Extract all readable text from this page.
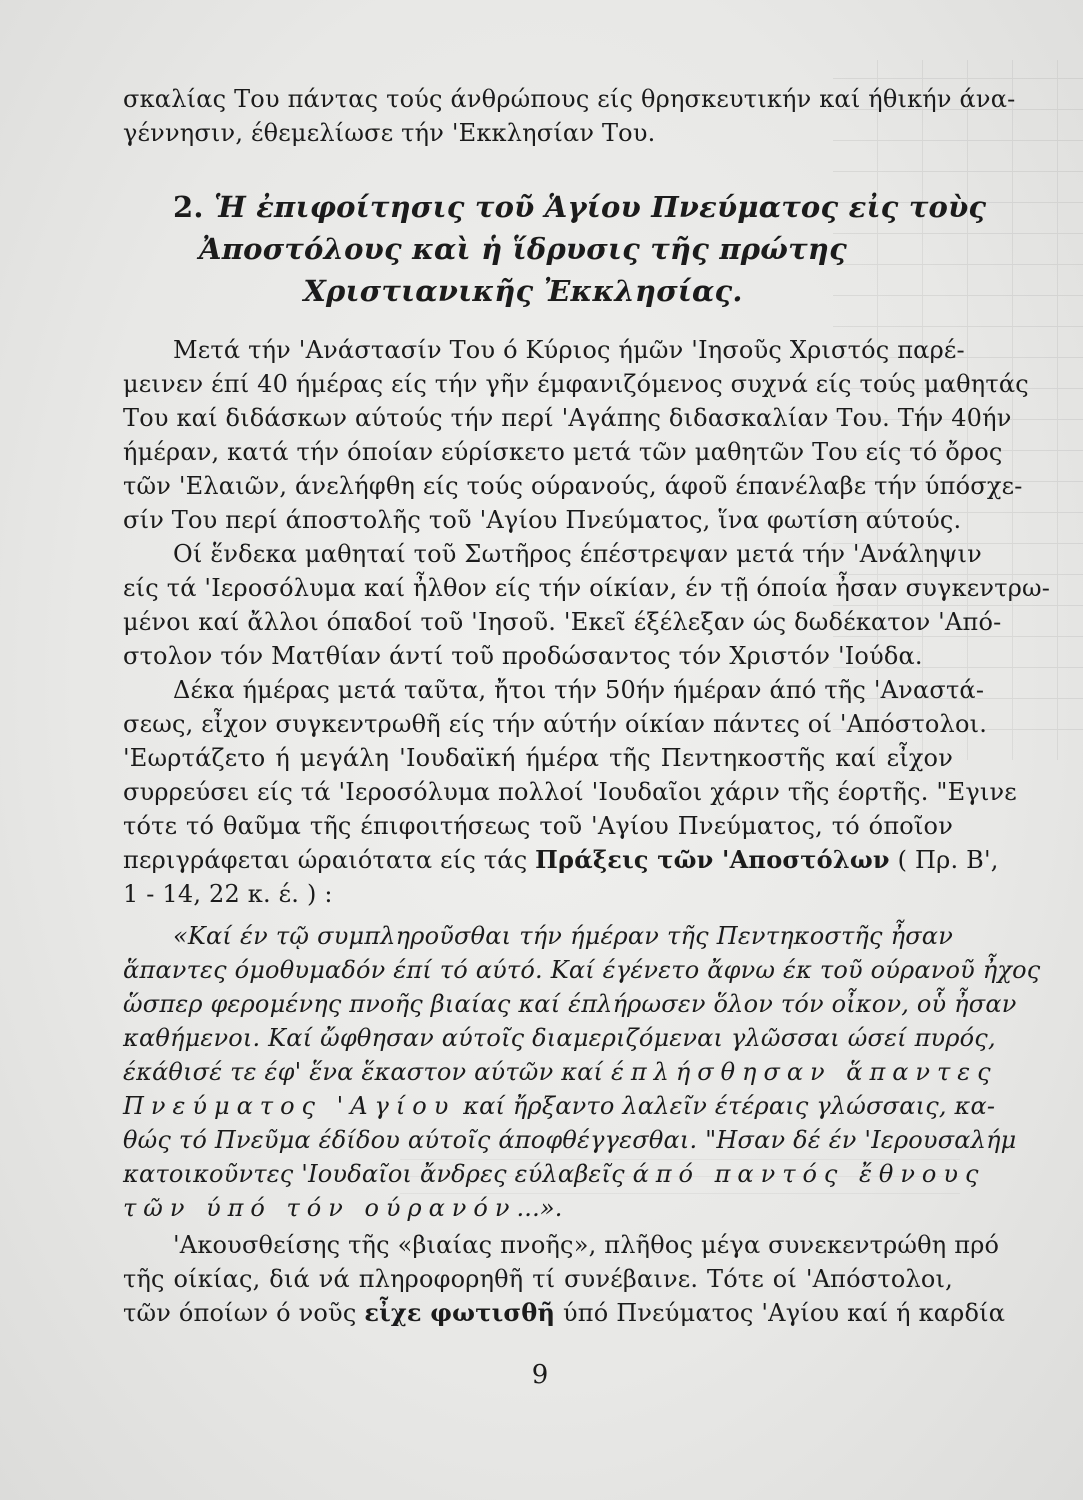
σκαλίας Του πάντας τούς άνθρώπους είς θρησκευτικήν καί ήθικήν άνα-
γέννησιν, έθεμελίωσε τήν 'Εκκλησίαν Του.
2. Ἡ ἐπιφοίτησις τοῦ Ἁγίου Πνεύματος εἰς τοὺς
Ἀποστόλους καὶ ἡ ἵδρυσις τῆς πρώτης
Χριστιανικῆς Ἐκκλησίας.
Μετά τήν 'Ανάστασίν Του ό Κύριος ήμῶν 'Ιησοῦς Χριστός παρέ-
μεινεν έπί 40 ήμέρας είς τήν γῆν έμφανιζόμενος συχνά είς τούς μαθητάς
Του καί διδάσκων αύτούς τήν περί 'Αγάπης διδασκαλίαν Του. Τήν 40ήν
ήμέραν, κατά τήν όποίαν εύρίσκετο μετά τῶν μαθητῶν Του είς τό ὄρος
τῶν 'Ελαιῶν, άνελήφθη είς τούς ούρανούς, άφοῦ έπανέλαβε τήν ύπόσχε-
σίν Του περί άποστολῆς τοῦ 'Αγίου Πνεύματος, ἵνα φωτίση αύτούς.
Οί ἕνδεκα μαθηταί τοῦ Σωτῆρος έπέστρεψαν μετά τήν 'Ανάληψιν
είς τά 'Ιεροσόλυμα καί ἦλθον είς τήν οίκίαν, έν τῇ όποία ἦσαν συγκεντρω-
μένοι καί ἄλλοι όπαδοί τοῦ 'Ιησοῦ. 'Εκεῖ έξέλεξαν ώς δωδέκατον 'Από-
στολον τόν Ματθίαν άντί τοῦ προδώσαντος τόν Χριστόν 'Ιούδα.
Δέκα ήμέρας μετά ταῦτα, ἤτοι τήν 50ήν ήμέραν άπό τῆς 'Αναστά-
σεως, εἶχον συγκεντρωθῆ είς τήν αύτήν οίκίαν πάντες οί 'Απόστολοι.
'Εωρτάζετο ή μεγάλη 'Ιουδαϊκή ήμέρα τῆς Πεντηκοστῆς καί εἶχον
συρρεύσει είς τά 'Ιεροσόλυμα πολλοί 'Ιουδαῖοι χάριν τῆς έορτῆς. "Εγινε
τότε τό θαῦμα τῆς έπιφοιτήσεως τοῦ 'Αγίου Πνεύματος, τό όποῖον
περιγράφεται ώραιότατα είς τάς Πράξεις τῶν 'Αποστόλων ( Πρ. Β',
1 - 14, 22 κ. έ. ) :
«Καί έν τῷ συμπληροῦσθαι τήν ήμέραν τῆς Πεντηκοστῆς ἦσαν
ἅπαντες όμοθυμαδόν έπί τό αύτό. Καί έγένετο ἄφνω έκ τοῦ ούρανοῦ ἦχος
ὥσπερ φερομένης πνοῆς βιαίας καί έπλήρωσεν ὅλον τόν οἶκον, οὗ ἦσαν
καθήμενοι. Καί ὤφθησαν αύτοῖς διαμεριζόμεναι γλῶσσαι ώσεί πυρός,
έκάθισέ τε έφ' ἕνα ἕκαστον αύτῶν καί έπλήσθησαν ἅπαντες
Πνεύματος 'Αγίου καί ἤρξαντο λαλεῖν έτέραις γλώσσαις, κα-
θώς τό Πνεῦμα έδίδου αύτοῖς άποφθέγγεσθαι. "Ησαν δέ έν 'Ιερουσαλήμ
κατοικοῦντες 'Ιουδαῖοι ἄνδρες εύλαβεῖς άπό παντός ἔθνους
τῶν ύπό τόν ούρανόν...».
'Ακουσθείσης τῆς «βιαίας πνοῆς», πλῆθος μέγα συνεκεντρώθη πρό
τῆς οίκίας, διά νά πληροφορηθῆ τί συνέβαινε. Τότε οί 'Απόστολοι,
τῶν όποίων ό νοῦς εἶχε φωτισθῆ ύπό Πνεύματος 'Αγίου καί ή καρδία
9
